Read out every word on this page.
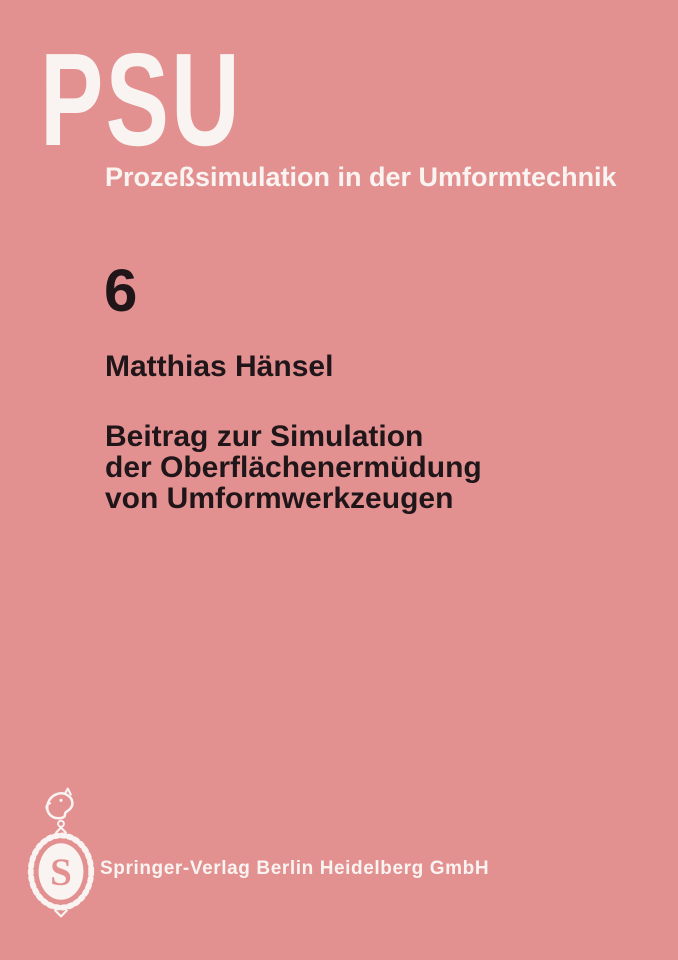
PSU
Prozeßsimulation in der Umformtechnik
6
Matthias Hänsel
Beitrag zur Simulation
der Oberflächenermüdung
von Umformwerkzeugen
S Springer-Verlag Berlin Heidelberg GmbH
